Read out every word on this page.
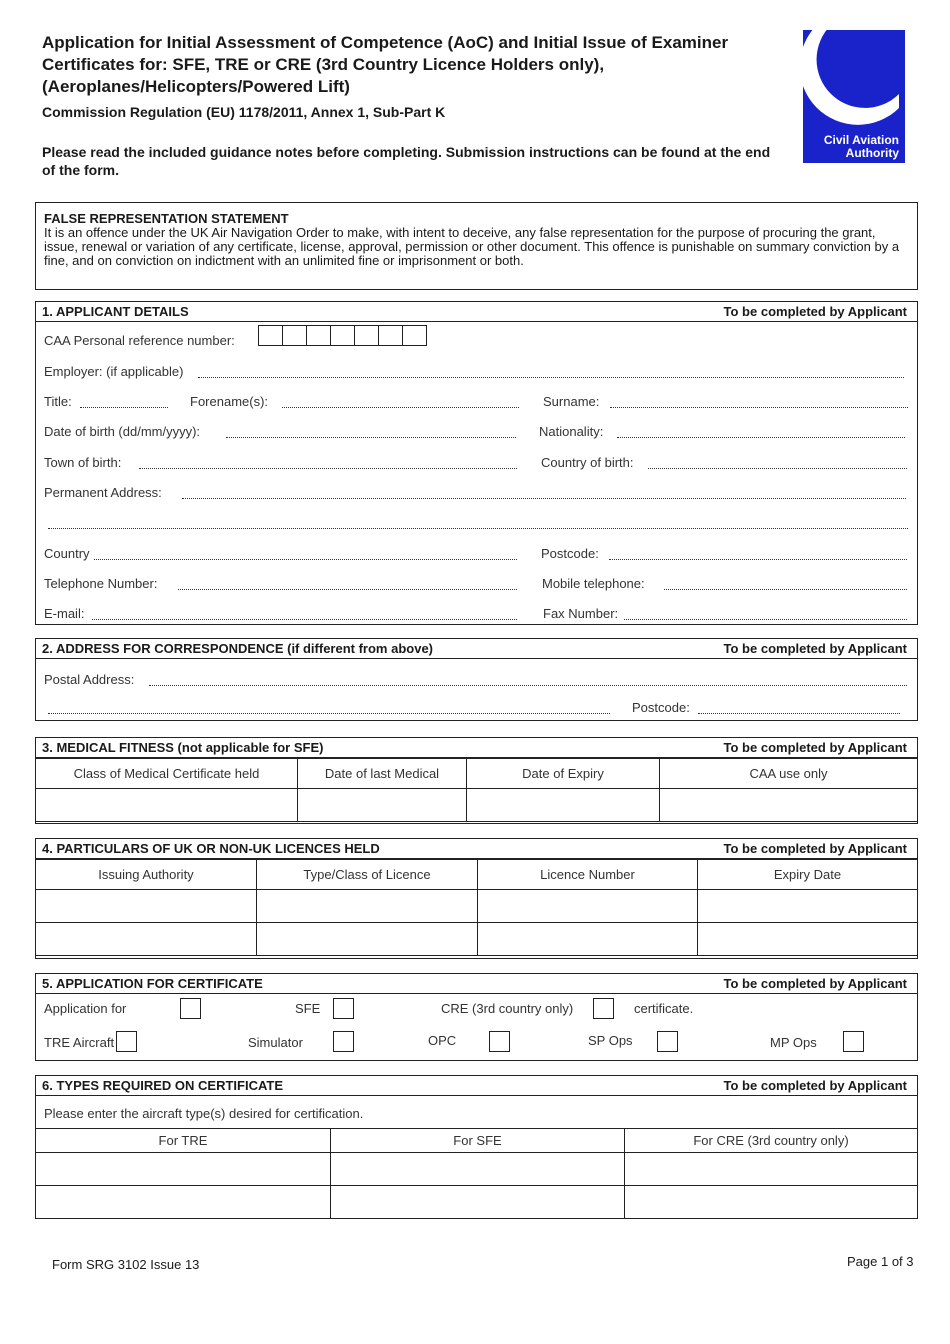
Application for Initial Assessment of Competence (AoC) and Initial Issue of Examiner Certificates for: SFE, TRE or CRE (3rd Country Licence Holders only), (Aeroplanes/Helicopters/Powered Lift)
Commission Regulation (EU) 1178/2011, Annex 1, Sub-Part K
Please read the included guidance notes before completing. Submission instructions can be found at the end of the form.
Civil Aviation
Authority
FALSE REPRESENTATION STATEMENT
It is an offence under the UK Air Navigation Order to make, with intent to deceive, any false representation for the purpose of procuring the grant, issue, renewal or variation of any certificate, license, approval, permission or other document. This offence is punishable on summary conviction by a fine, and on conviction on indictment with an unlimited fine or imprisonment or both.
1. APPLICANT DETAILS	To be completed by Applicant
CAA Personal reference number:
Employer: (if applicable)
Title:	Forename(s):	Surname:
Date of birth (dd/mm/yyyy):	Nationality:
Town of birth:	Country of birth:
Permanent Address:
Country	Postcode:
Telephone Number:	Mobile telephone:
E-mail:	Fax Number:
2. ADDRESS FOR CORRESPONDENCE (if different from above)	To be completed by Applicant
Postal Address:
Postcode:
3. MEDICAL FITNESS (not applicable for SFE)	To be completed by Applicant
Class of Medical Certificate held	Date of last Medical	Date of Expiry	CAA use only

4. PARTICULARS OF UK OR NON-UK LICENCES HELD	To be completed by Applicant
Issuing Authority	Type/Class of Licence	Licence Number	Expiry Date

5. APPLICATION FOR CERTIFICATE	To be completed by Applicant
Application for	SFE	CRE (3rd country only)	certificate.
TRE Aircraft	Simulator	OPC	SP Ops	MP Ops
6. TYPES REQUIRED ON CERTIFICATE	To be completed by Applicant
Please enter the aircraft type(s) desired for certification.
For TRE	For SFE	For CRE (3rd country only)

Form SRG 3102 Issue 13	Page 1 of 3
